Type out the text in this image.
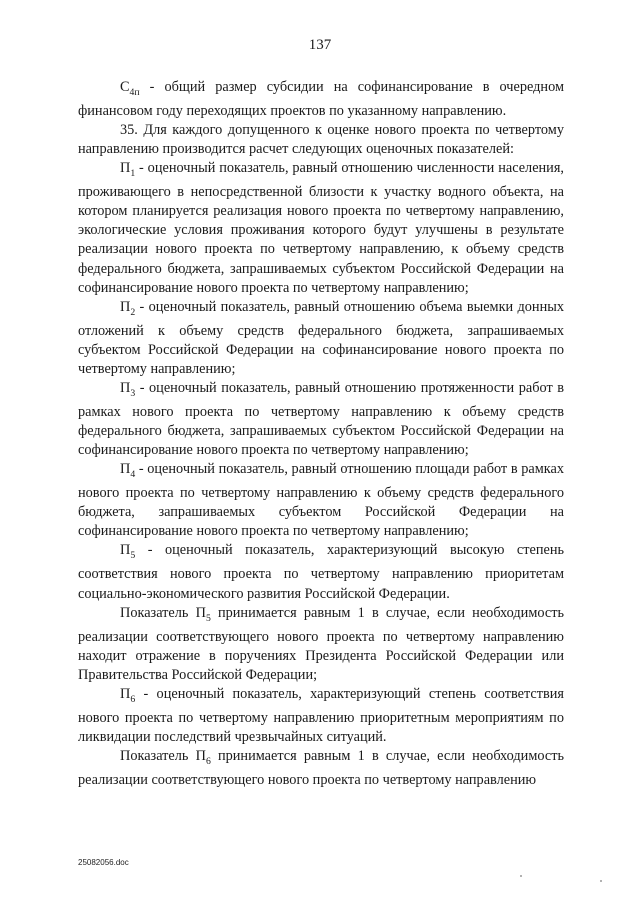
137

$С_{4п}$ - общий размер субсидии на софинансирование в очередном финансовом году переходящих проектов по указанному направлению.

35. Для каждого допущенного к оценке нового проекта по четвертому направлению производится расчет следующих оценочных показателей:

$П_1$ - оценочный показатель, равный отношению численности населения, проживающего в непосредственной близости к участку водного объекта, на котором планируется реализация нового проекта по четвертому направлению, экологические условия проживания которого будут улучшены в результате реализации нового проекта по четвертому направлению, к объему средств федерального бюджета, запрашиваемых субъектом Российской Федерации на софинансирование нового проекта по четвертому направлению;

$П_2$ - оценочный показатель, равный отношению объема выемки донных отложений к объему средств федерального бюджета, запрашиваемых субъектом Российской Федерации на софинансирование нового проекта по четвертому направлению;

$П_3$ - оценочный показатель, равный отношению протяженности работ в рамках нового проекта по четвертому направлению к объему средств федерального бюджета, запрашиваемых субъектом Российской Федерации на софинансирование нового проекта по четвертому направлению;

$П_4$ - оценочный показатель, равный отношению площади работ в рамках нового проекта по четвертому направлению к объему средств федерального бюджета, запрашиваемых субъектом Российской Федерации на софинансирование нового проекта по четвертому направлению;

$П_5$ - оценочный показатель, характеризующий высокую степень соответствия нового проекта по четвертому направлению приоритетам социально-экономического развития Российской Федерации.

Показатель $П_5$ принимается равным 1 в случае, если необходимость реализации соответствующего нового проекта по четвертому направлению находит отражение в поручениях Президента Российской Федерации или Правительства Российской Федерации;

$П_6$ - оценочный показатель, характеризующий степень соответствия нового проекта по четвертому направлению приоритетным мероприятиям по ликвидации последствий чрезвычайных ситуаций.

Показатель $П_6$ принимается равным 1 в случае, если необходимость реализации соответствующего нового проекта по четвертому направлению

25082056.doc
